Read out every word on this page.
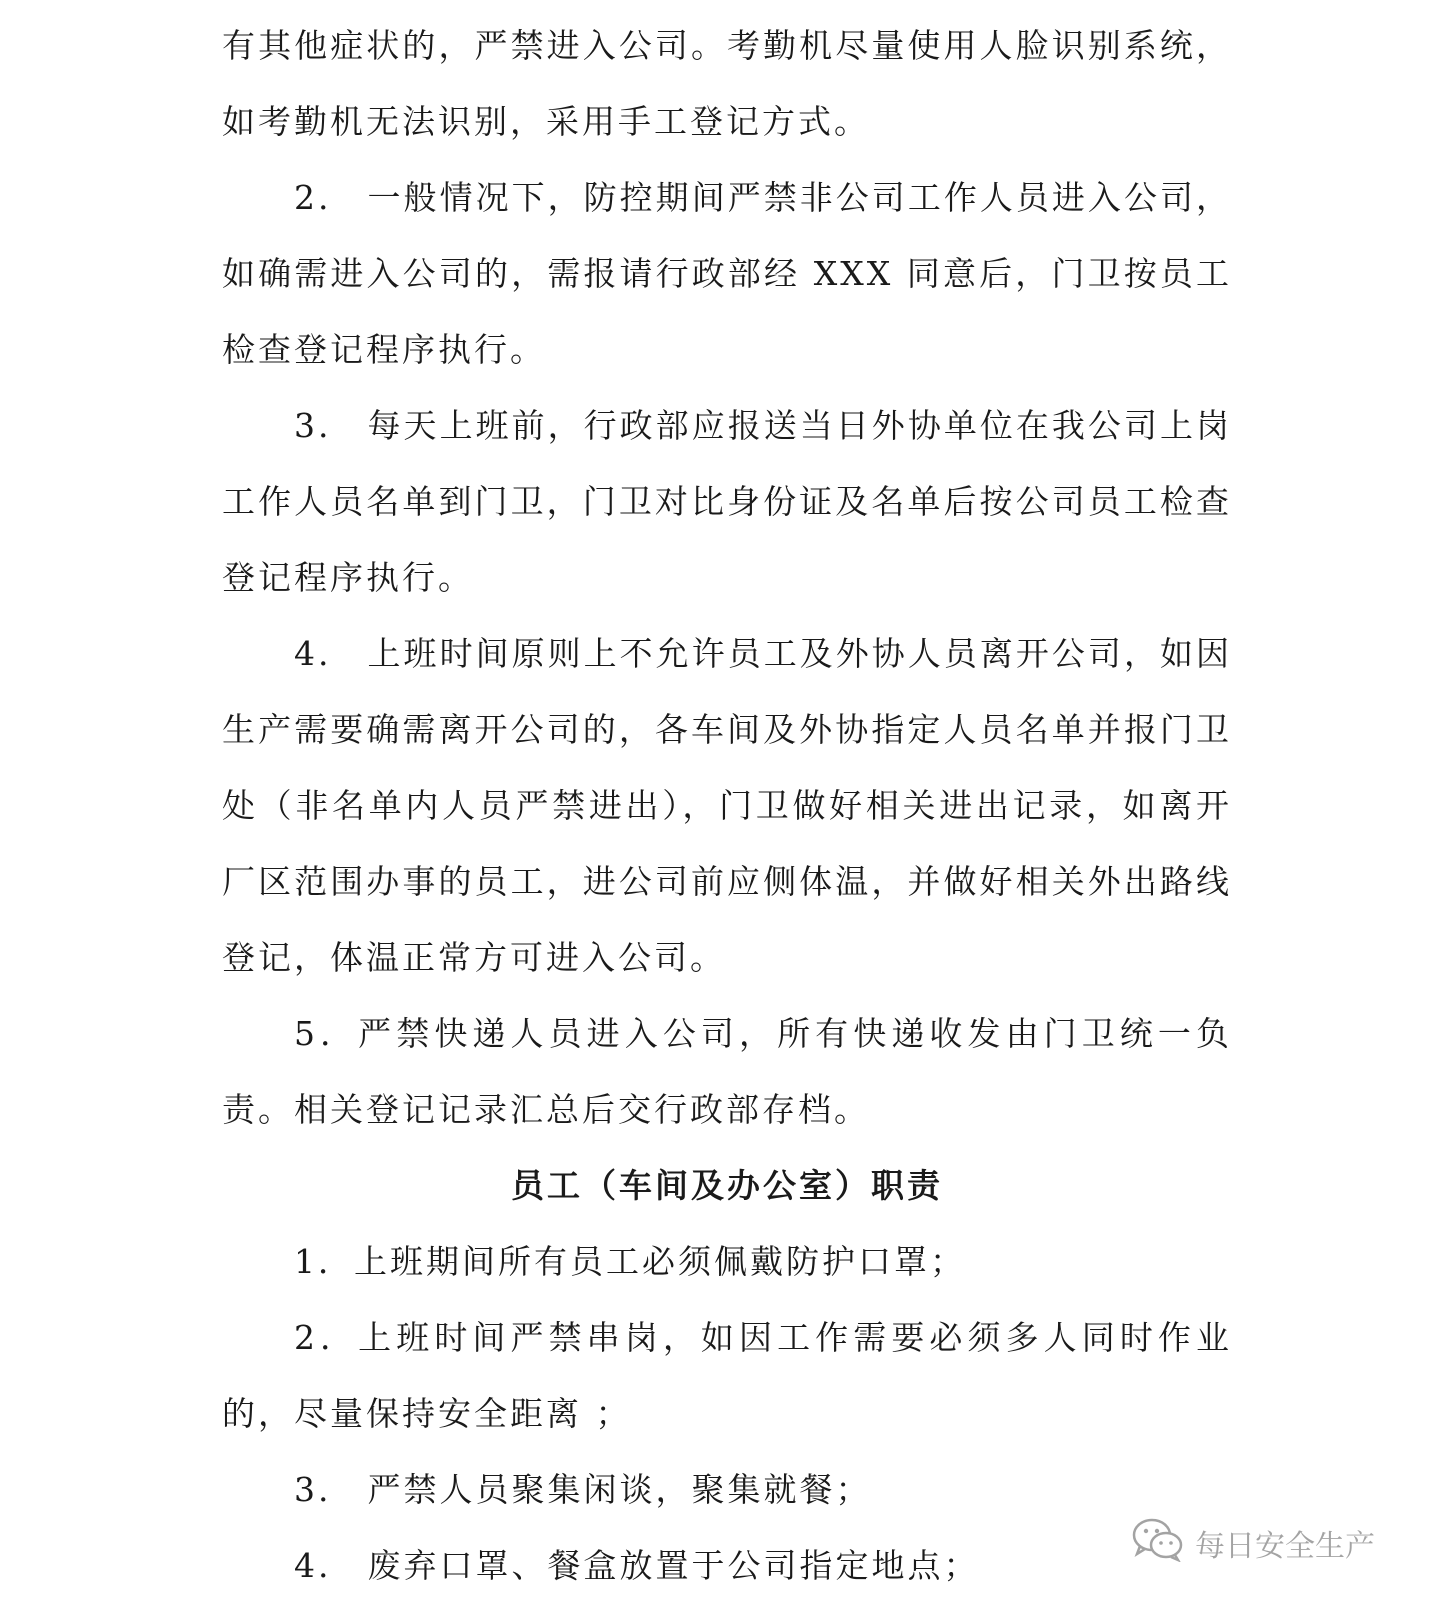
有其他症状的，严禁进入公司。考勤机尽量使用人脸识别系统，如考勤机无法识别，采用手工登记方式。

2.　一般情况下，防控期间严禁非公司工作人员进入公司，如确需进入公司的，需报请行政部经 XXX 同意后，门卫按员工检查登记程序执行。

3.　每天上班前，行政部应报送当日外协单位在我公司上岗工作人员名单到门卫，门卫对比身份证及名单后按公司员工检查登记程序执行。

4.　上班时间原则上不允许员工及外协人员离开公司，如因生产需要确需离开公司的，各车间及外协指定人员名单并报门卫处（非名单内人员严禁进出），门卫做好相关进出记录，如离开厂区范围办事的员工，进公司前应侧体温，并做好相关外出路线登记，体温正常方可进入公司。

5．严禁快递人员进入公司，所有快递收发由门卫统一负责。相关登记记录汇总后交行政部存档。

员工（车间及办公室）职责

1．上班期间所有员工必须佩戴防护口罩；

2．上班时间严禁串岗，如因工作需要必须多人同时作业的，尽量保持安全距离 ；

3.　严禁人员聚集闲谈，聚集就餐；

4.　废弃口罩、餐盒放置于公司指定地点；	每日安全生产
